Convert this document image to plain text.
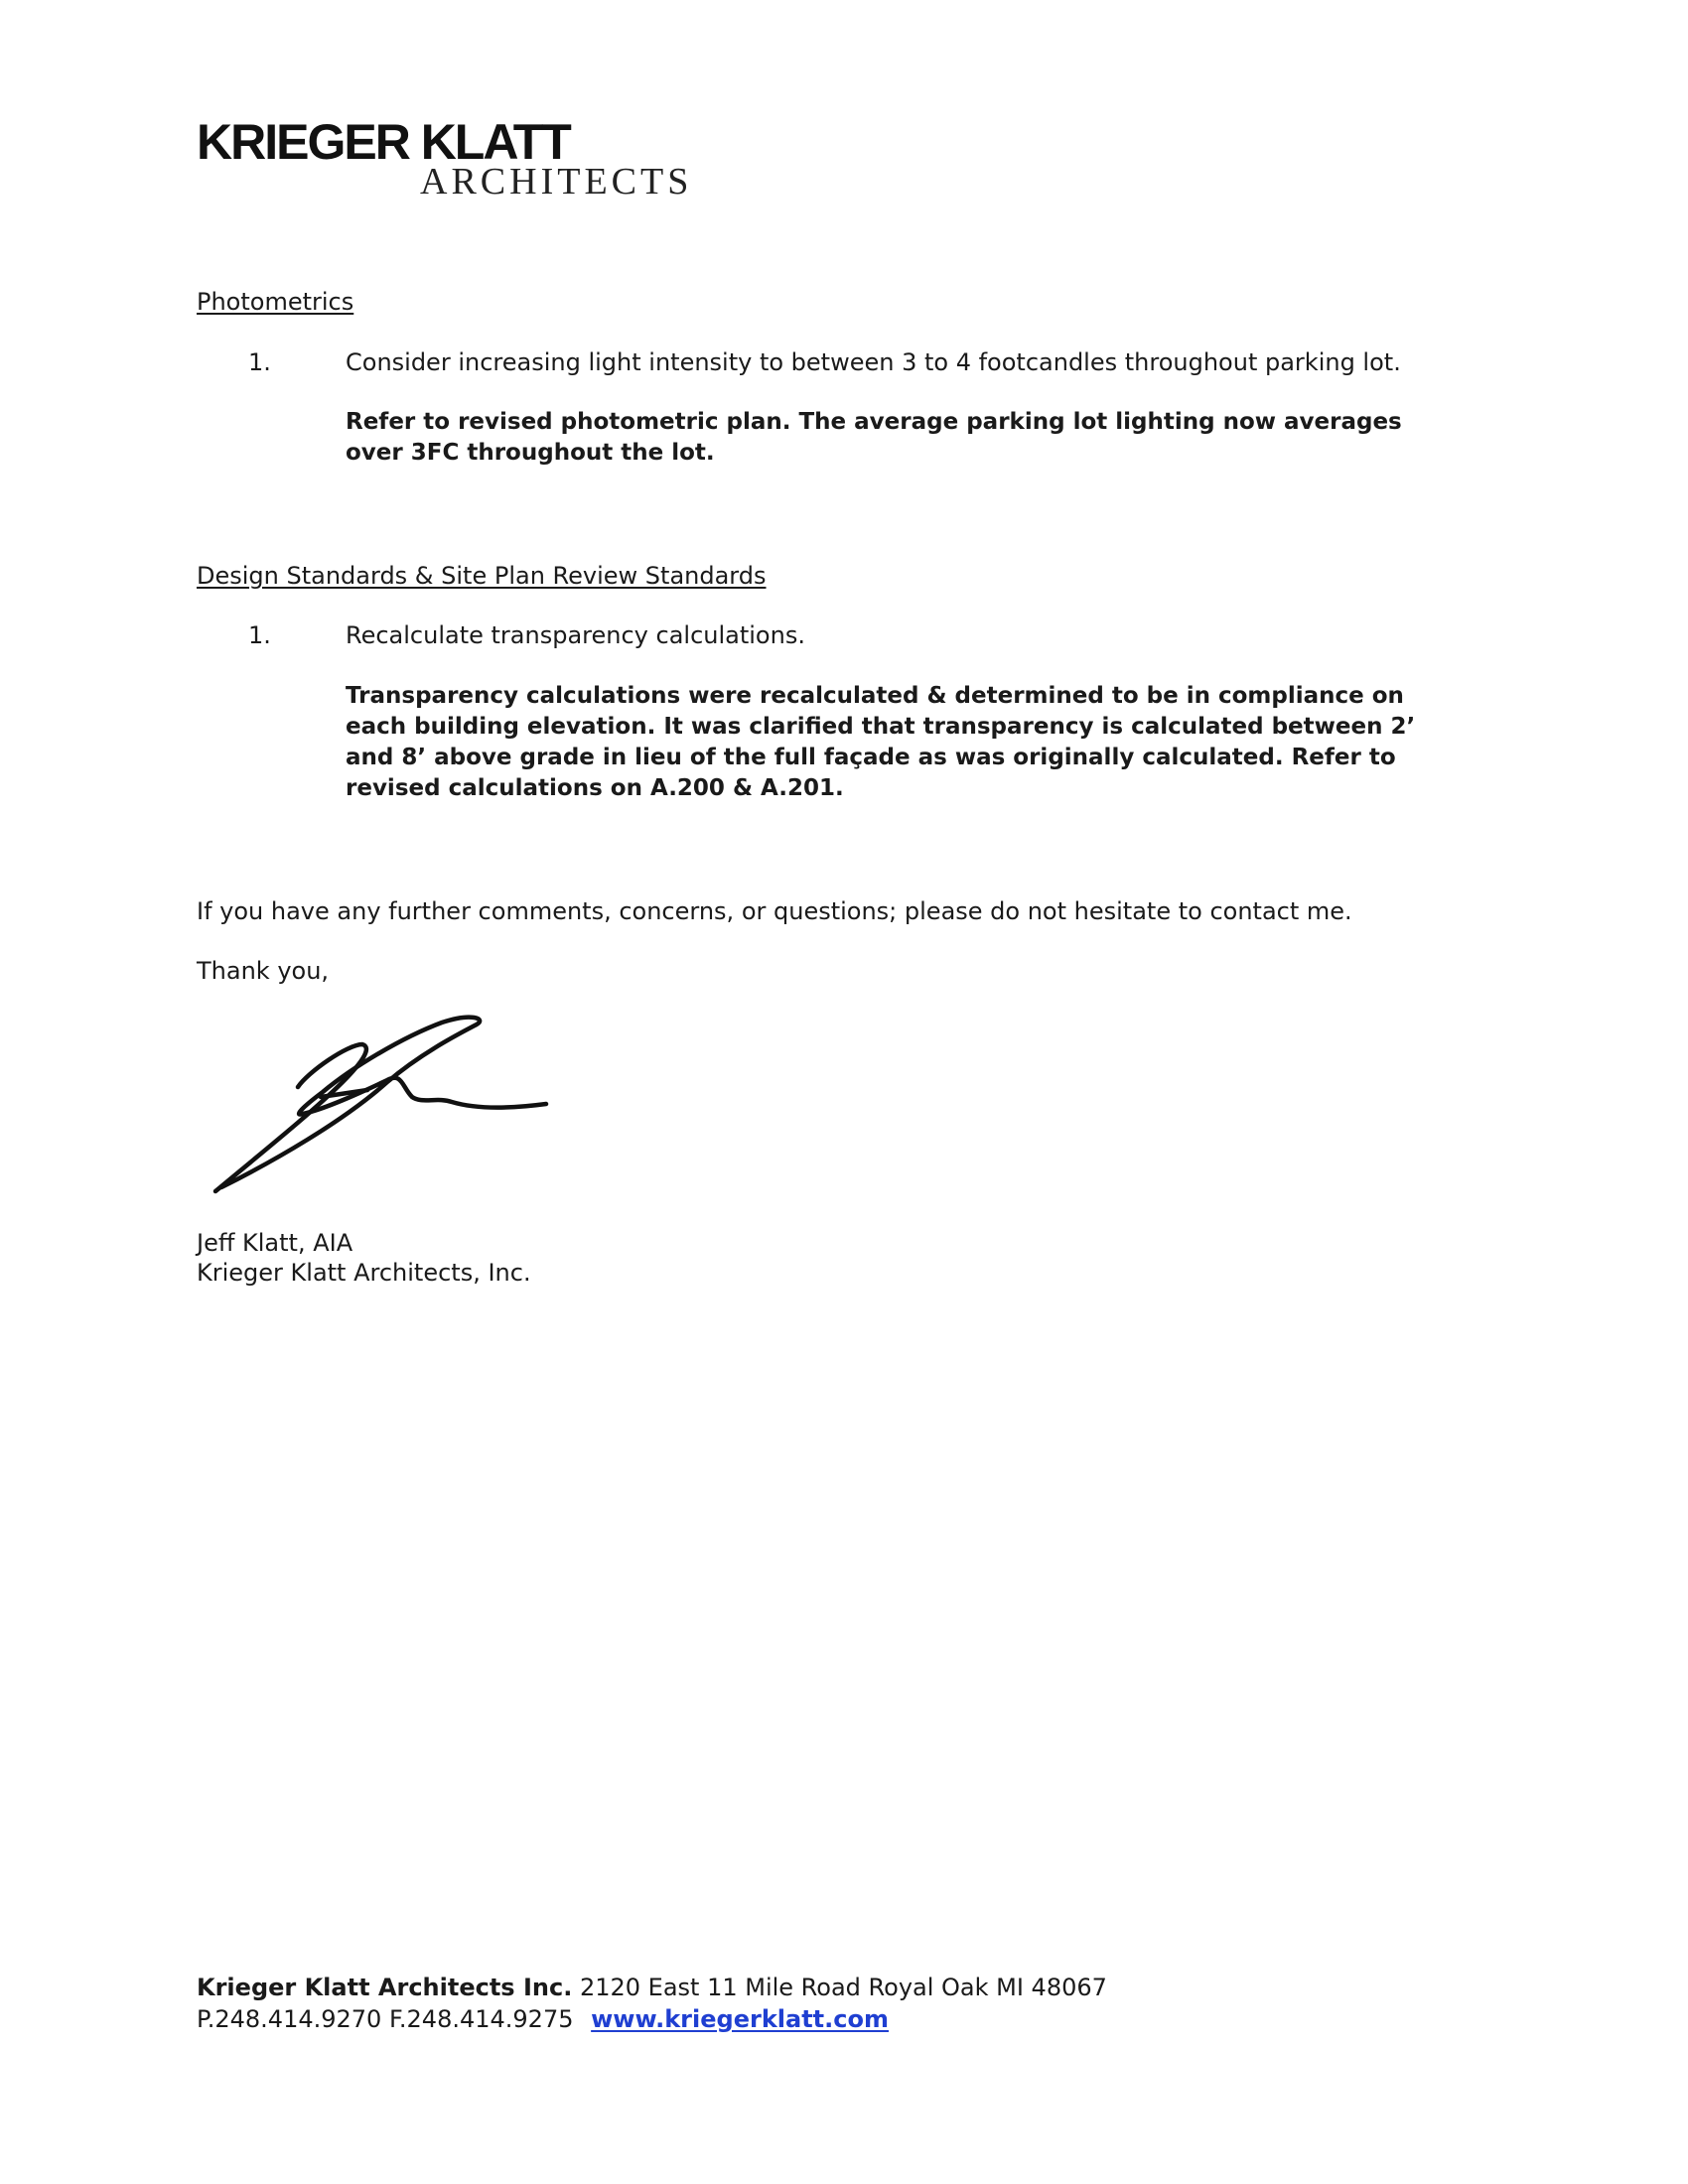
KRIEGER KLATT
ARCHITECTS
Photometrics
1.	Consider increasing light intensity to between 3 to 4 footcandles throughout parking lot.
Refer to revised photometric plan. The average parking lot lighting now averages over 3FC throughout the lot.
Design Standards & Site Plan Review Standards
1.	Recalculate transparency calculations.
Transparency calculations were recalculated & determined to be in compliance on each building elevation. It was clarified that transparency is calculated between 2’ and 8’ above grade in lieu of the full façade as was originally calculated. Refer to revised calculations on A.200 & A.201.
If you have any further comments, concerns, or questions; please do not hesitate to contact me.
Thank you,
Jeff Klatt, AIA
Krieger Klatt Architects, Inc.
Krieger Klatt Architects Inc. 2120 East 11 Mile Road Royal Oak MI 48067
P.248.414.9270 F.248.414.9275 www.kriegerklatt.com
